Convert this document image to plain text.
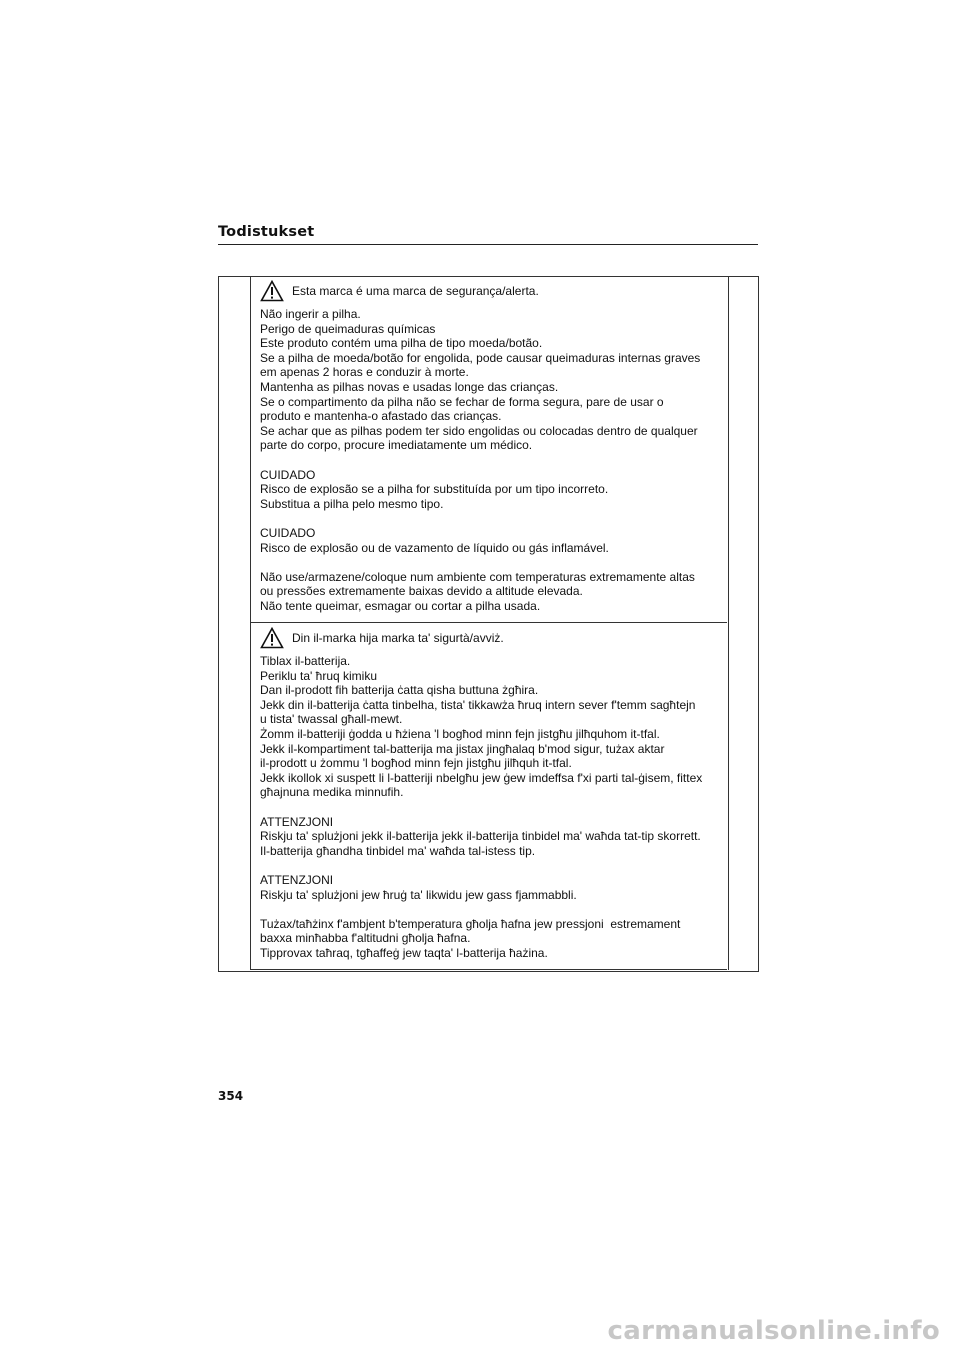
Todistukset
Esta marca é uma marca de segurança/alerta.
Não ingerir a pilha.
Perigo de queimaduras químicas
Este produto contém uma pilha de tipo moeda/botão.
Se a pilha de moeda/botão for engolida, pode causar queimaduras internas graves
em apenas 2 horas e conduzir à morte.
Mantenha as pilhas novas e usadas longe das crianças.
Se o compartimento da pilha não se fechar de forma segura, pare de usar o
produto e mantenha-o afastado das crianças.
Se achar que as pilhas podem ter sido engolidas ou colocadas dentro de qualquer
parte do corpo, procure imediatamente um médico.

CUIDADO
Risco de explosão se a pilha for substituída por um tipo incorreto.
Substitua a pilha pelo mesmo tipo.

CUIDADO
Risco de explosão ou de vazamento de líquido ou gás inflamável.

Não use/armazene/coloque num ambiente com temperaturas extremamente altas
ou pressões extremamente baixas devido a altitude elevada.
Não tente queimar, esmagar ou cortar a pilha usada.
Din il-marka hija marka ta' sigurtà/avviż.
Tiblax il-batterija.
Periklu ta' ħruq kimiku
Dan il-prodott fih batterija ċatta qisha buttuna żgħira.
Jekk din il-batterija ċatta tinbelha, tista' tikkawża ħruq intern sever f'temm sagħtejn
u tista' twassal għall-mewt.
Żomm il-batteriji ġodda u ħżiena 'l bogħod minn fejn jistgħu jilħquhom it-tfal.
Jekk il-kompartiment tal-batterija ma jistax jingħalaq b'mod sigur, tużax aktar
il-prodott u żommu 'l bogħod minn fejn jistgħu jilħquh it-tfal.
Jekk ikollok xi suspett li l-batteriji nbelgħu jew ġew imdeffsa f'xi parti tal-ġisem, fittex
għajnuna medika minnufih.

ATTENZJONI
Riskju ta' splużjoni jekk il-batterija jekk il-batterija tinbidel ma' waħda tat-tip skorrett.
Il-batterija għandha tinbidel ma' waħda tal-istess tip.

ATTENZJONI
Riskju ta' splużjoni jew ħruġ ta' likwidu jew gass fjammabbli.

Tużax/taħżinx f'ambjent b'temperatura għolja ħafna jew pressjoni  estremament
baxxa minħabba f'altitudni għolja ħafna.
Tipprovax taħraq, tgħaffeġ jew taqta' l-batterija ħażina.
354
carmanualsonline.info
